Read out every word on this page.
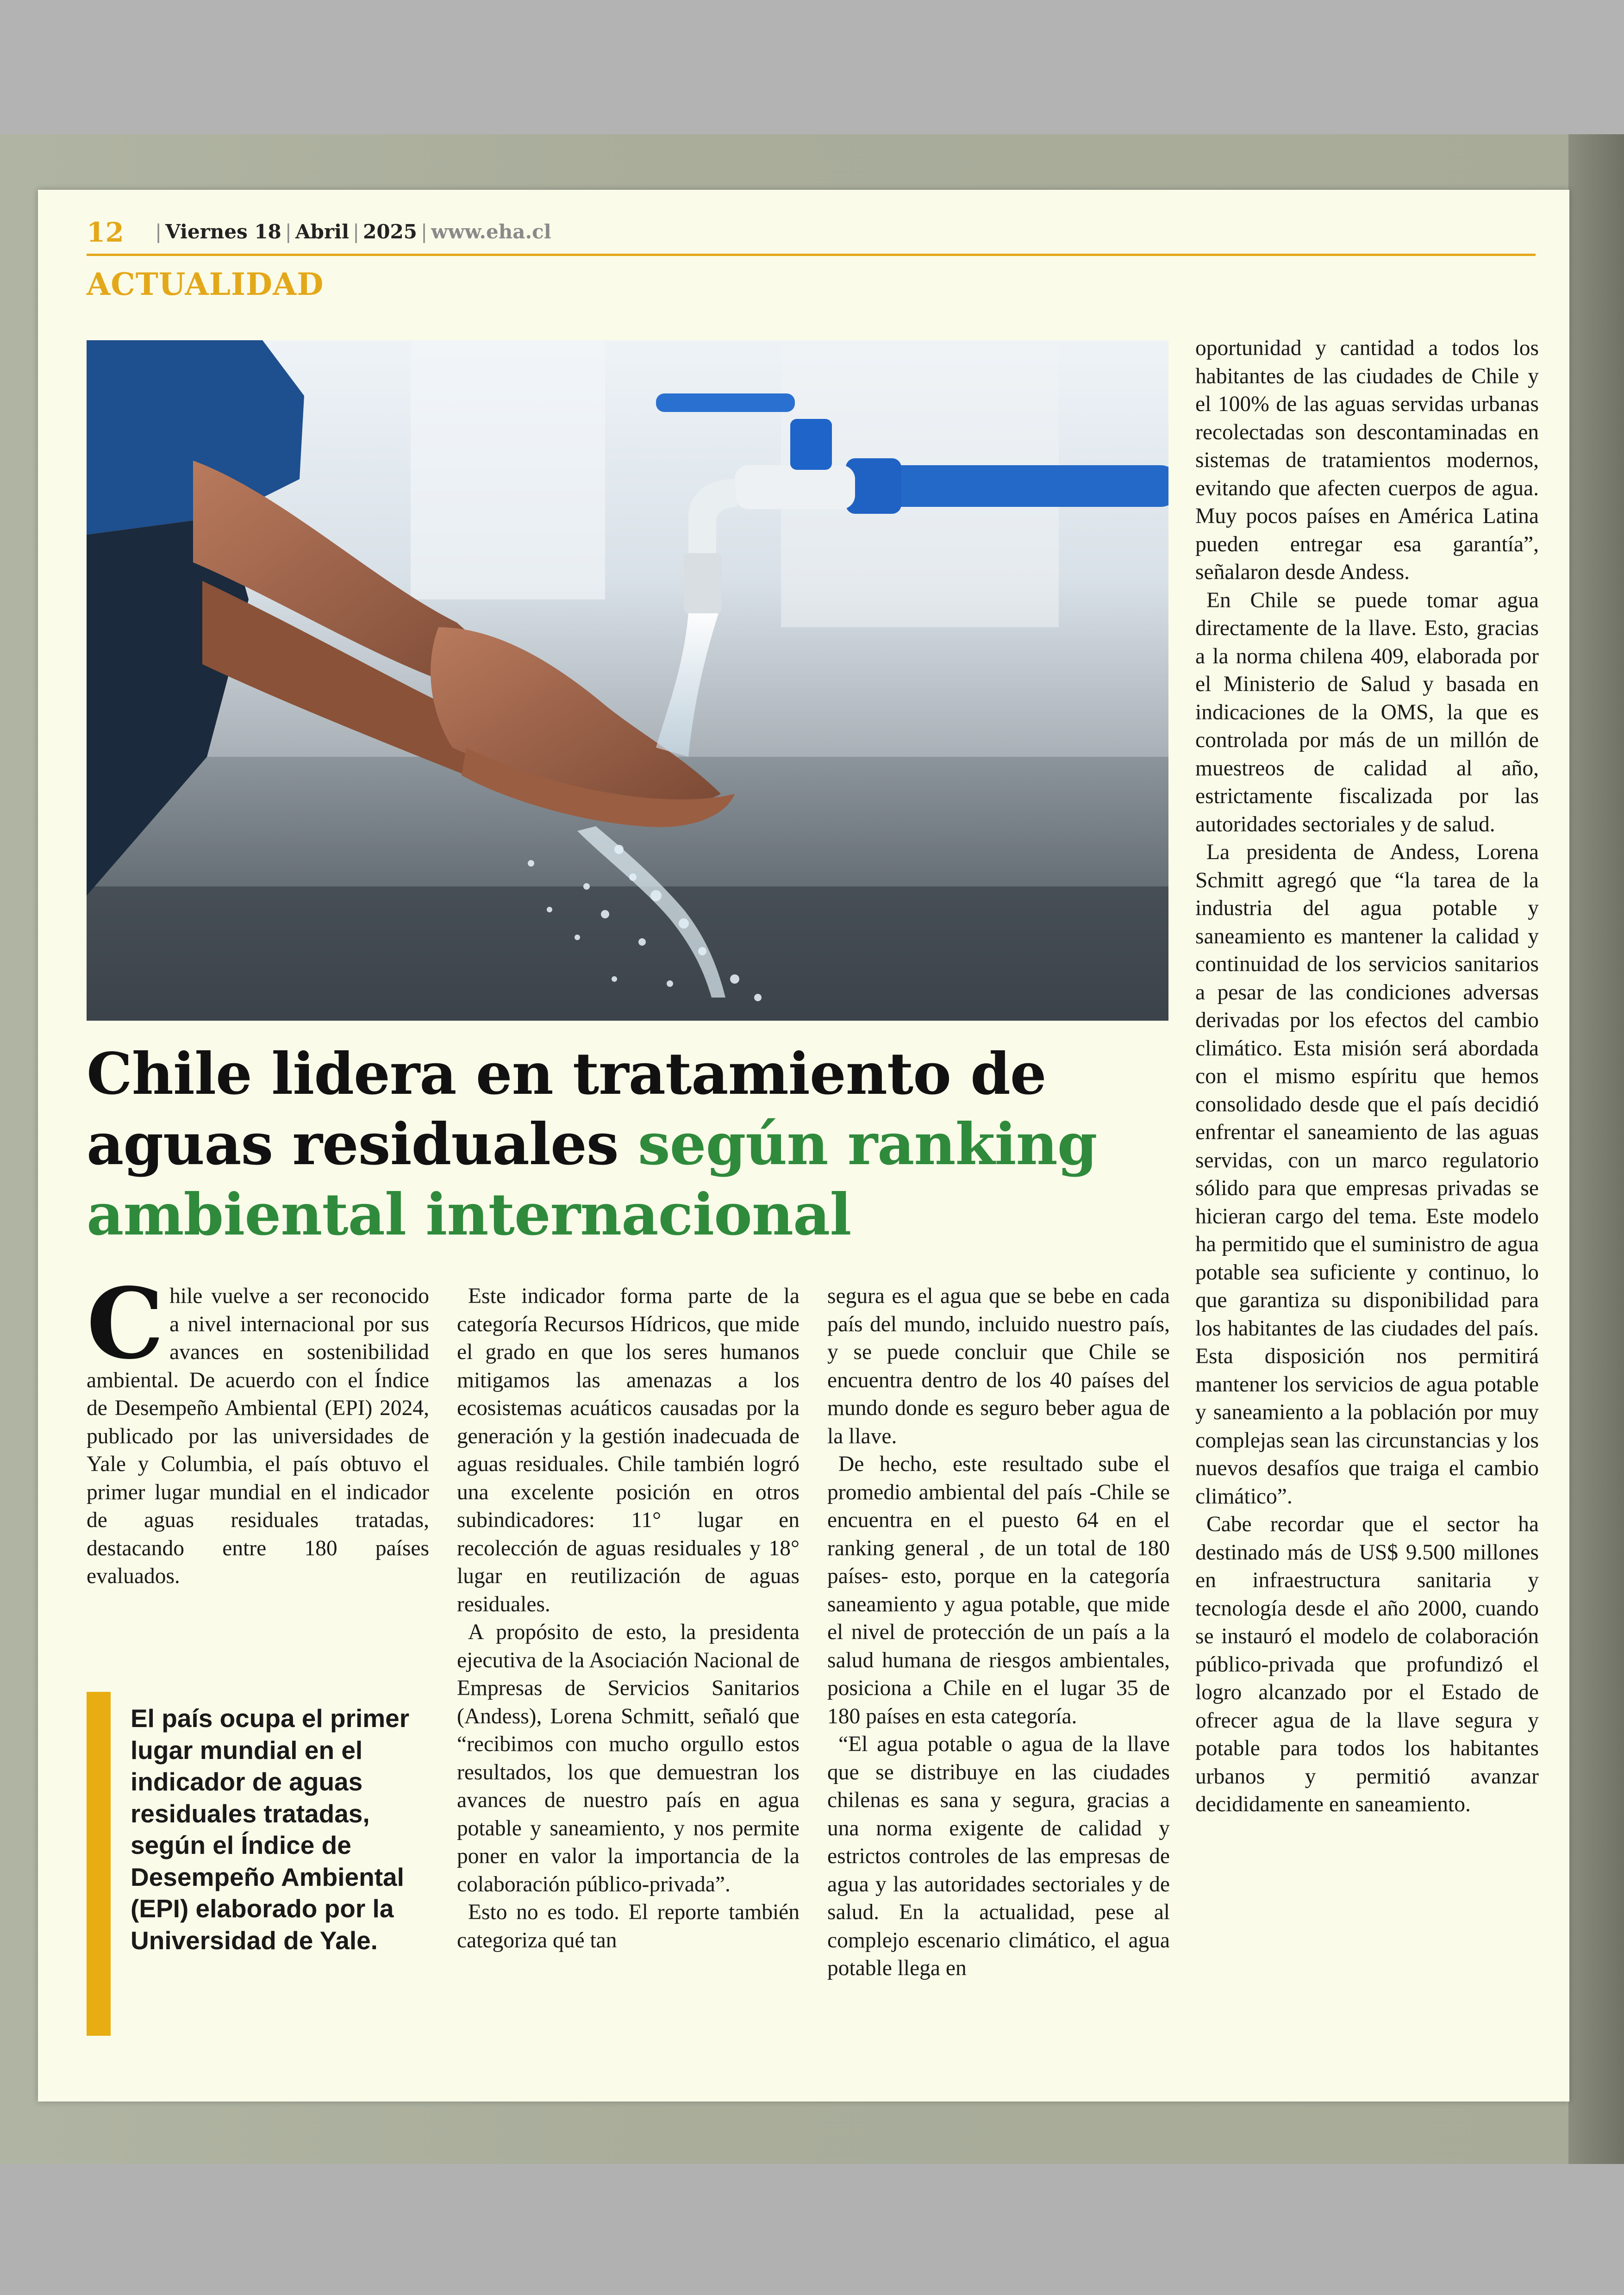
12 | Viernes 18 | Abril | 2025 | www.eha.cl
ACTUALIDAD
Chile lidera en tratamiento de aguas residuales según ranking ambiental internacional
C hile vuelve a ser reconocido a nivel internacional por sus avances en sostenibilidad ambiental. De acuerdo con el Índice de Desempeño Ambiental (EPI) 2024, publicado por las universidades de Yale y Columbia, el país obtuvo el primer lugar mundial en el indicador de aguas residuales tratadas, destacando entre 180 países evaluados.

El país ocupa el primer lugar mundial en el indicador de aguas residuales tratadas, según el Índice de Desempeño Ambiental (EPI) elaborado por la Universidad de Yale.

Este indicador forma parte de la categoría Recursos Hídricos, que mide el grado en que los seres humanos mitigamos las amenazas a los ecosistemas acuáticos causadas por la generación y la gestión inadecuada de aguas residuales. Chile también logró una excelente posición en otros subindicadores: 11° lugar en recolección de aguas residuales y 18° lugar en reutilización de aguas residuales.

A propósito de esto, la presidenta ejecutiva de la Asociación Nacional de Empresas de Servicios Sanitarios (Andess), Lorena Schmitt, señaló que “recibimos con mucho orgullo estos resultados, los que demuestran los avances de nuestro país en agua potable y saneamiento, y nos permite poner en valor la importancia de la colaboración público-privada”.

Esto no es todo. El reporte también categoriza qué tan

segura es el agua que se bebe en cada país del mundo, incluido nuestro país, y se puede concluir que Chile se encuentra dentro de los 40 países del mundo donde es seguro beber agua de la llave.

De hecho, este resultado sube el promedio ambiental del país -Chile se encuentra en el puesto 64 en el ranking general , de un total de 180 países- esto, porque en la categoría saneamiento y agua potable, que mide el nivel de protección de un país a la salud humana de riesgos ambientales, posiciona a Chile en el lugar 35 de 180 países en esta categoría.

“El agua potable o agua de la llave que se distribuye en las ciudades chilenas es sana y segura, gracias a una norma exigente de calidad y estrictos controles de las empresas de agua y las autoridades sectoriales y de salud. En la actualidad, pese al complejo escenario climático, el agua potable llega en

oportunidad y cantidad a todos los habitantes de las ciudades de Chile y el 100% de las aguas servidas urbanas recolectadas son descontaminadas en sistemas de tratamientos modernos, evitando que afecten cuerpos de agua. Muy pocos países en América Latina pueden entregar esa garantía”, señalaron desde Andess.

En Chile se puede tomar agua directamente de la llave. Esto, gracias a la norma chilena 409, elaborada por el Ministerio de Salud y basada en indicaciones de la OMS, la que es controlada por más de un millón de muestreos de calidad al año, estrictamente fiscalizada por las autoridades sectoriales y de salud.

La presidenta de Andess, Lorena Schmitt agregó que “la tarea de la industria del agua potable y saneamiento es mantener la calidad y continuidad de los servicios sanitarios a pesar de las condiciones adversas derivadas por los efectos del cambio climático. Esta misión será abordada con el mismo espíritu que hemos consolidado desde que el país decidió enfrentar el saneamiento de las aguas servidas, con un marco regulatorio sólido para que empresas privadas se hicieran cargo del tema. Este modelo ha permitido que el suministro de agua potable sea suficiente y continuo, lo que garantiza su disponibilidad para los habitantes de las ciudades del país. Esta disposición nos permitirá mantener los servicios de agua potable y saneamiento a la población por muy complejas sean las circunstancias y los nuevos desafíos que traiga el cambio climático”.

Cabe recordar que el sector ha destinado más de US$ 9.500 millones en infraestructura sanitaria y tecnología desde el año 2000, cuando se instauró el modelo de colaboración público-privada que profundizó el logro alcanzado por el Estado de ofrecer agua de la llave segura y potable para todos los habitantes urbanos y permitió avanzar decididamente en saneamiento.
